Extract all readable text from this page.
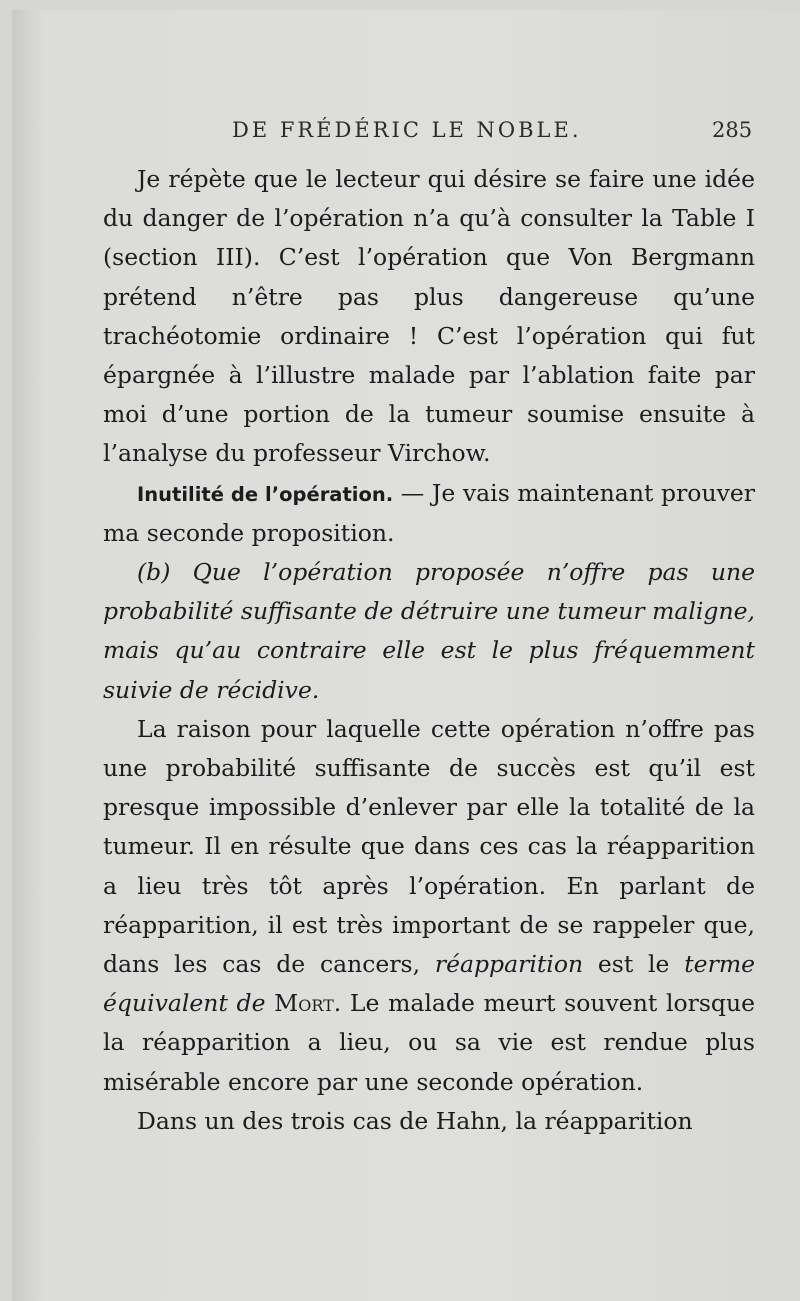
DE FRÉDÉRIC LE NOBLE.	285

Je répète que le lecteur qui désire se faire une idée du danger de l’opération n’a qu’à consulter la Table I (section III). C’est l’opération que Von Bergmann prétend n’être pas plus dangereuse qu’une trachéotomie ordinaire ! C’est l’opération qui fut épargnée à l’illustre malade par l’ablation faite par moi d’une portion de la tumeur soumise ensuite à l’analyse du professeur Virchow.

Inutilité de l’opération. — Je vais maintenant prouver ma seconde proposition.

(b) Que l’opération proposée n’offre pas une probabilité suffisante de détruire une tumeur maligne, mais qu’au contraire elle est le plus fréquemment suivie de récidive.

La raison pour laquelle cette opération n’offre pas une probabilité suffisante de succès est qu’il est presque impossible d’enlever par elle la totalité de la tumeur. Il en résulte que dans ces cas la réapparition a lieu très tôt après l’opération. En parlant de réapparition, il est très important de se rappeler que, dans les cas de cancers, réapparition est le terme équivalent de Mort. Le malade meurt souvent lorsque la réapparition a lieu, ou sa vie est rendue plus misérable encore par une seconde opération.

Dans un des trois cas de Hahn, la réapparition
